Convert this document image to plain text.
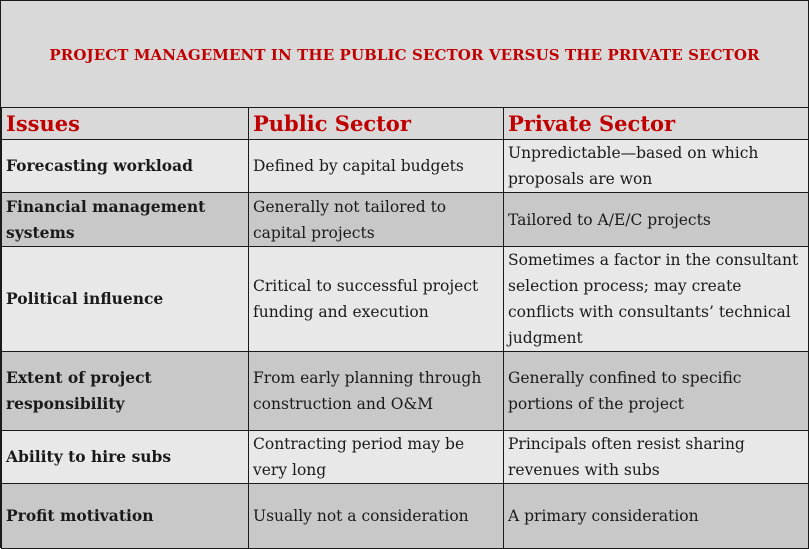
PROJECT MANAGEMENT IN THE PUBLIC SECTOR VERSUS THE PRIVATE SECTOR
Issues	Public Sector	Private Sector
Forecasting workload	Defined by capital budgets	Unpredictable—based on which proposals are won
Financial management systems	Generally not tailored to capital projects	Tailored to A/E/C projects
Political influence	Critical to successful project funding and execution	Sometimes a factor in the consultant selection process; may create conflicts with consultants’ technical judgment
Extent of project responsibility	From early planning through construction and O&M	Generally confined to specific portions of the project
Ability to hire subs	Contracting period may be very long	Principals often resist sharing revenues with subs
Profit motivation	Usually not a consideration	A primary consideration
